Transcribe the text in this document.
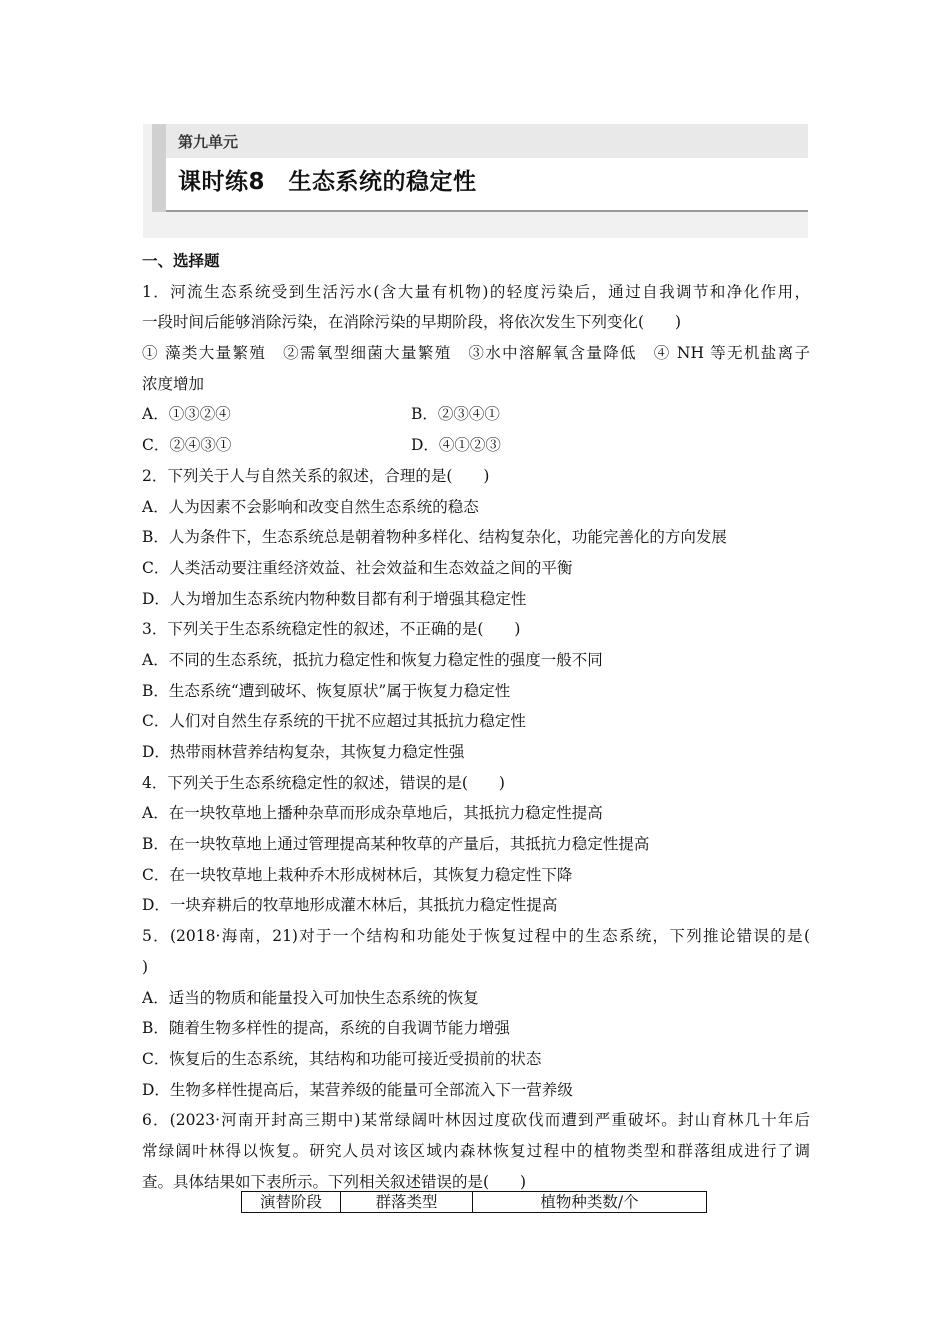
第九单元
课时练8　生态系统的稳定性
一、选择题
1．河流生态系统受到生活污水(含大量有机物)的轻度污染后，通过自我调节和净化作用，
一段时间后能够消除污染，在消除污染的早期阶段，将依次发生下列变化(　　)
① 藻类大量繁殖　②需氧型细菌大量繁殖　③水中溶解氧含量降低　④ NH 等无机盐离子
浓度增加
A．①③②④	B．②③④①
C．②④③①	D．④①②③
2．下列关于人与自然关系的叙述，合理的是(　　)
A．人为因素不会影响和改变自然生态系统的稳态
B．人为条件下，生态系统总是朝着物种多样化、结构复杂化，功能完善化的方向发展
C．人类活动要注重经济效益、社会效益和生态效益之间的平衡
D．人为增加生态系统内物种数目都有利于增强其稳定性
3．下列关于生态系统稳定性的叙述，不正确的是(　　)
A．不同的生态系统，抵抗力稳定性和恢复力稳定性的强度一般不同
B．生态系统“遭到破坏、恢复原状”属于恢复力稳定性
C．人们对自然生存系统的干扰不应超过其抵抗力稳定性
D．热带雨林营养结构复杂，其恢复力稳定性强
4．下列关于生态系统稳定性的叙述，错误的是(　　)
A．在一块牧草地上播种杂草而形成杂草地后，其抵抗力稳定性提高
B．在一块牧草地上通过管理提高某种牧草的产量后，其抵抗力稳定性提高
C．在一块牧草地上栽种乔木形成树林后，其恢复力稳定性下降
D．一块弃耕后的牧草地形成灌木林后，其抵抗力稳定性提高
5．(2018·海南，21)对于一个结构和功能处于恢复过程中的生态系统，下列推论错误的是(
)
A．适当的物质和能量投入可加快生态系统的恢复
B．随着生物多样性的提高，系统的自我调节能力增强
C．恢复后的生态系统，其结构和功能可接近受损前的状态
D．生物多样性提高后，某营养级的能量可全部流入下一营养级
6．(2023·河南开封高三期中)某常绿阔叶林因过度砍伐而遭到严重破坏。封山育林几十年后
常绿阔叶林得以恢复。研究人员对该区域内森林恢复过程中的植物类型和群落组成进行了调
查。具体结果如下表所示。下列相关叙述错误的是(　　)
演替阶段	群落类型	植物种类数/个
